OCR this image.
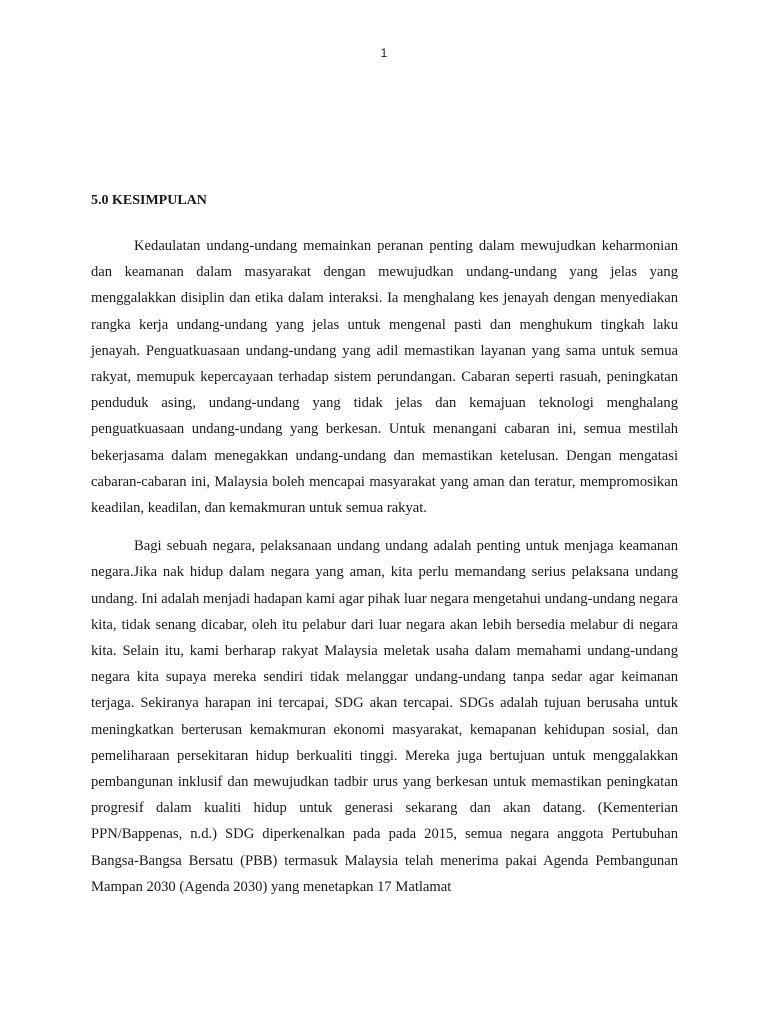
1
5.0 KESIMPULAN

Kedaulatan undang-undang memainkan peranan penting dalam mewujudkan keharmonian dan keamanan dalam masyarakat dengan mewujudkan undang-undang yang jelas yang menggalakkan disiplin dan etika dalam interaksi. Ia menghalang kes jenayah dengan menyediakan rangka kerja undang-undang yang jelas untuk mengenal pasti dan menghukum tingkah laku jenayah. Penguatkuasaan undang-undang yang adil memastikan layanan yang sama untuk semua rakyat, memupuk kepercayaan terhadap sistem perundangan. Cabaran seperti rasuah, peningkatan penduduk asing, undang-undang yang tidak jelas dan kemajuan teknologi menghalang penguatkuasaan undang-undang yang berkesan. Untuk menangani cabaran ini, semua mestilah bekerjasama dalam menegakkan undang-undang dan memastikan ketelusan. Dengan mengatasi cabaran-cabaran ini, Malaysia boleh mencapai masyarakat yang aman dan teratur, mempromosikan keadilan, keadilan, dan kemakmuran untuk semua rakyat.

Bagi sebuah negara, pelaksanaan undang undang adalah penting untuk menjaga keamanan negara.Jika nak hidup dalam negara yang aman, kita perlu memandang serius pelaksana undang undang. Ini adalah menjadi hadapan kami agar pihak luar negara mengetahui undang-undang negara kita, tidak senang dicabar, oleh itu pelabur dari luar negara akan lebih bersedia melabur di negara kita. Selain itu, kami berharap rakyat Malaysia meletak usaha dalam memahami undang-undang negara kita supaya mereka sendiri tidak melanggar undang-undang tanpa sedar agar keimanan terjaga. Sekiranya harapan ini tercapai, SDG akan tercapai. SDGs adalah tujuan berusaha untuk meningkatkan berterusan kemakmuran ekonomi masyarakat, kemapanan kehidupan sosial, dan pemeliharaan persekitaran hidup berkualiti tinggi. Mereka juga bertujuan untuk menggalakkan pembangunan inklusif dan mewujudkan tadbir urus yang berkesan untuk memastikan peningkatan progresif dalam kualiti hidup untuk generasi sekarang dan akan datang. (Kementerian PPN/Bappenas, n.d.) SDG diperkenalkan pada pada 2015, semua negara anggota Pertubuhan Bangsa-Bangsa Bersatu (PBB) termasuk Malaysia telah menerima pakai Agenda Pembangunan Mampan 2030 (Agenda 2030) yang menetapkan 17 Matlamat
